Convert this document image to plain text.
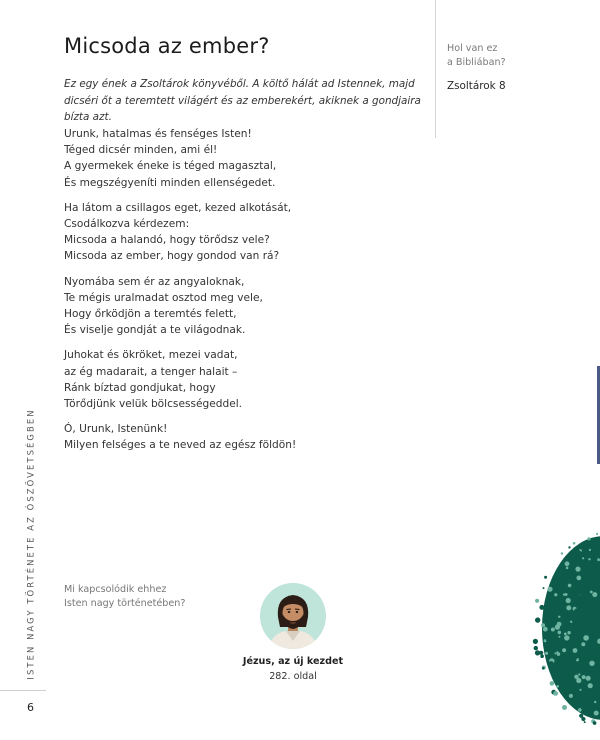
Micsoda az ember?
Ez egy ének a Zsoltárok könyvéből. A költő hálát ad Istennek, majd dicséri őt a teremtett világért és az emberekért, akiknek a gondjaira bízta azt.

Urunk, hatalmas és fenséges Isten!
Téged dicsér minden, ami él!
A gyermekek éneke is téged magasztal,
És megszégyeníti minden ellenségedet.

Ha látom a csillagos eget, kezed alkotását,
Csodálkozva kérdezem:
Micsoda a halandó, hogy törődsz vele?
Micsoda az ember, hogy gondod van rá?

Nyomába sem ér az angyaloknak,
Te mégis uralmadat osztod meg vele,
Hogy őrködjön a teremtés felett,
És viselje gondját a te világodnak.

Juhokat és ökröket, mezei vadat,
az ég madarait, a tenger halait –
Ránk bíztad gondjukat, hogy
Törődjünk velük bölcsességeddel.

Ó, Urunk, Istenünk!
Milyen felséges a te neved az egész földön!

Hol van ez
a Bibliában?
Zsoltárok 8
Mi kapcsolódik ehhez
Isten nagy történetében?
Jézus, az új kezdet
282. oldal
ISTEN NAGY TÖRTÉNETE AZ ÓSZÖVETSÉGBEN
6
